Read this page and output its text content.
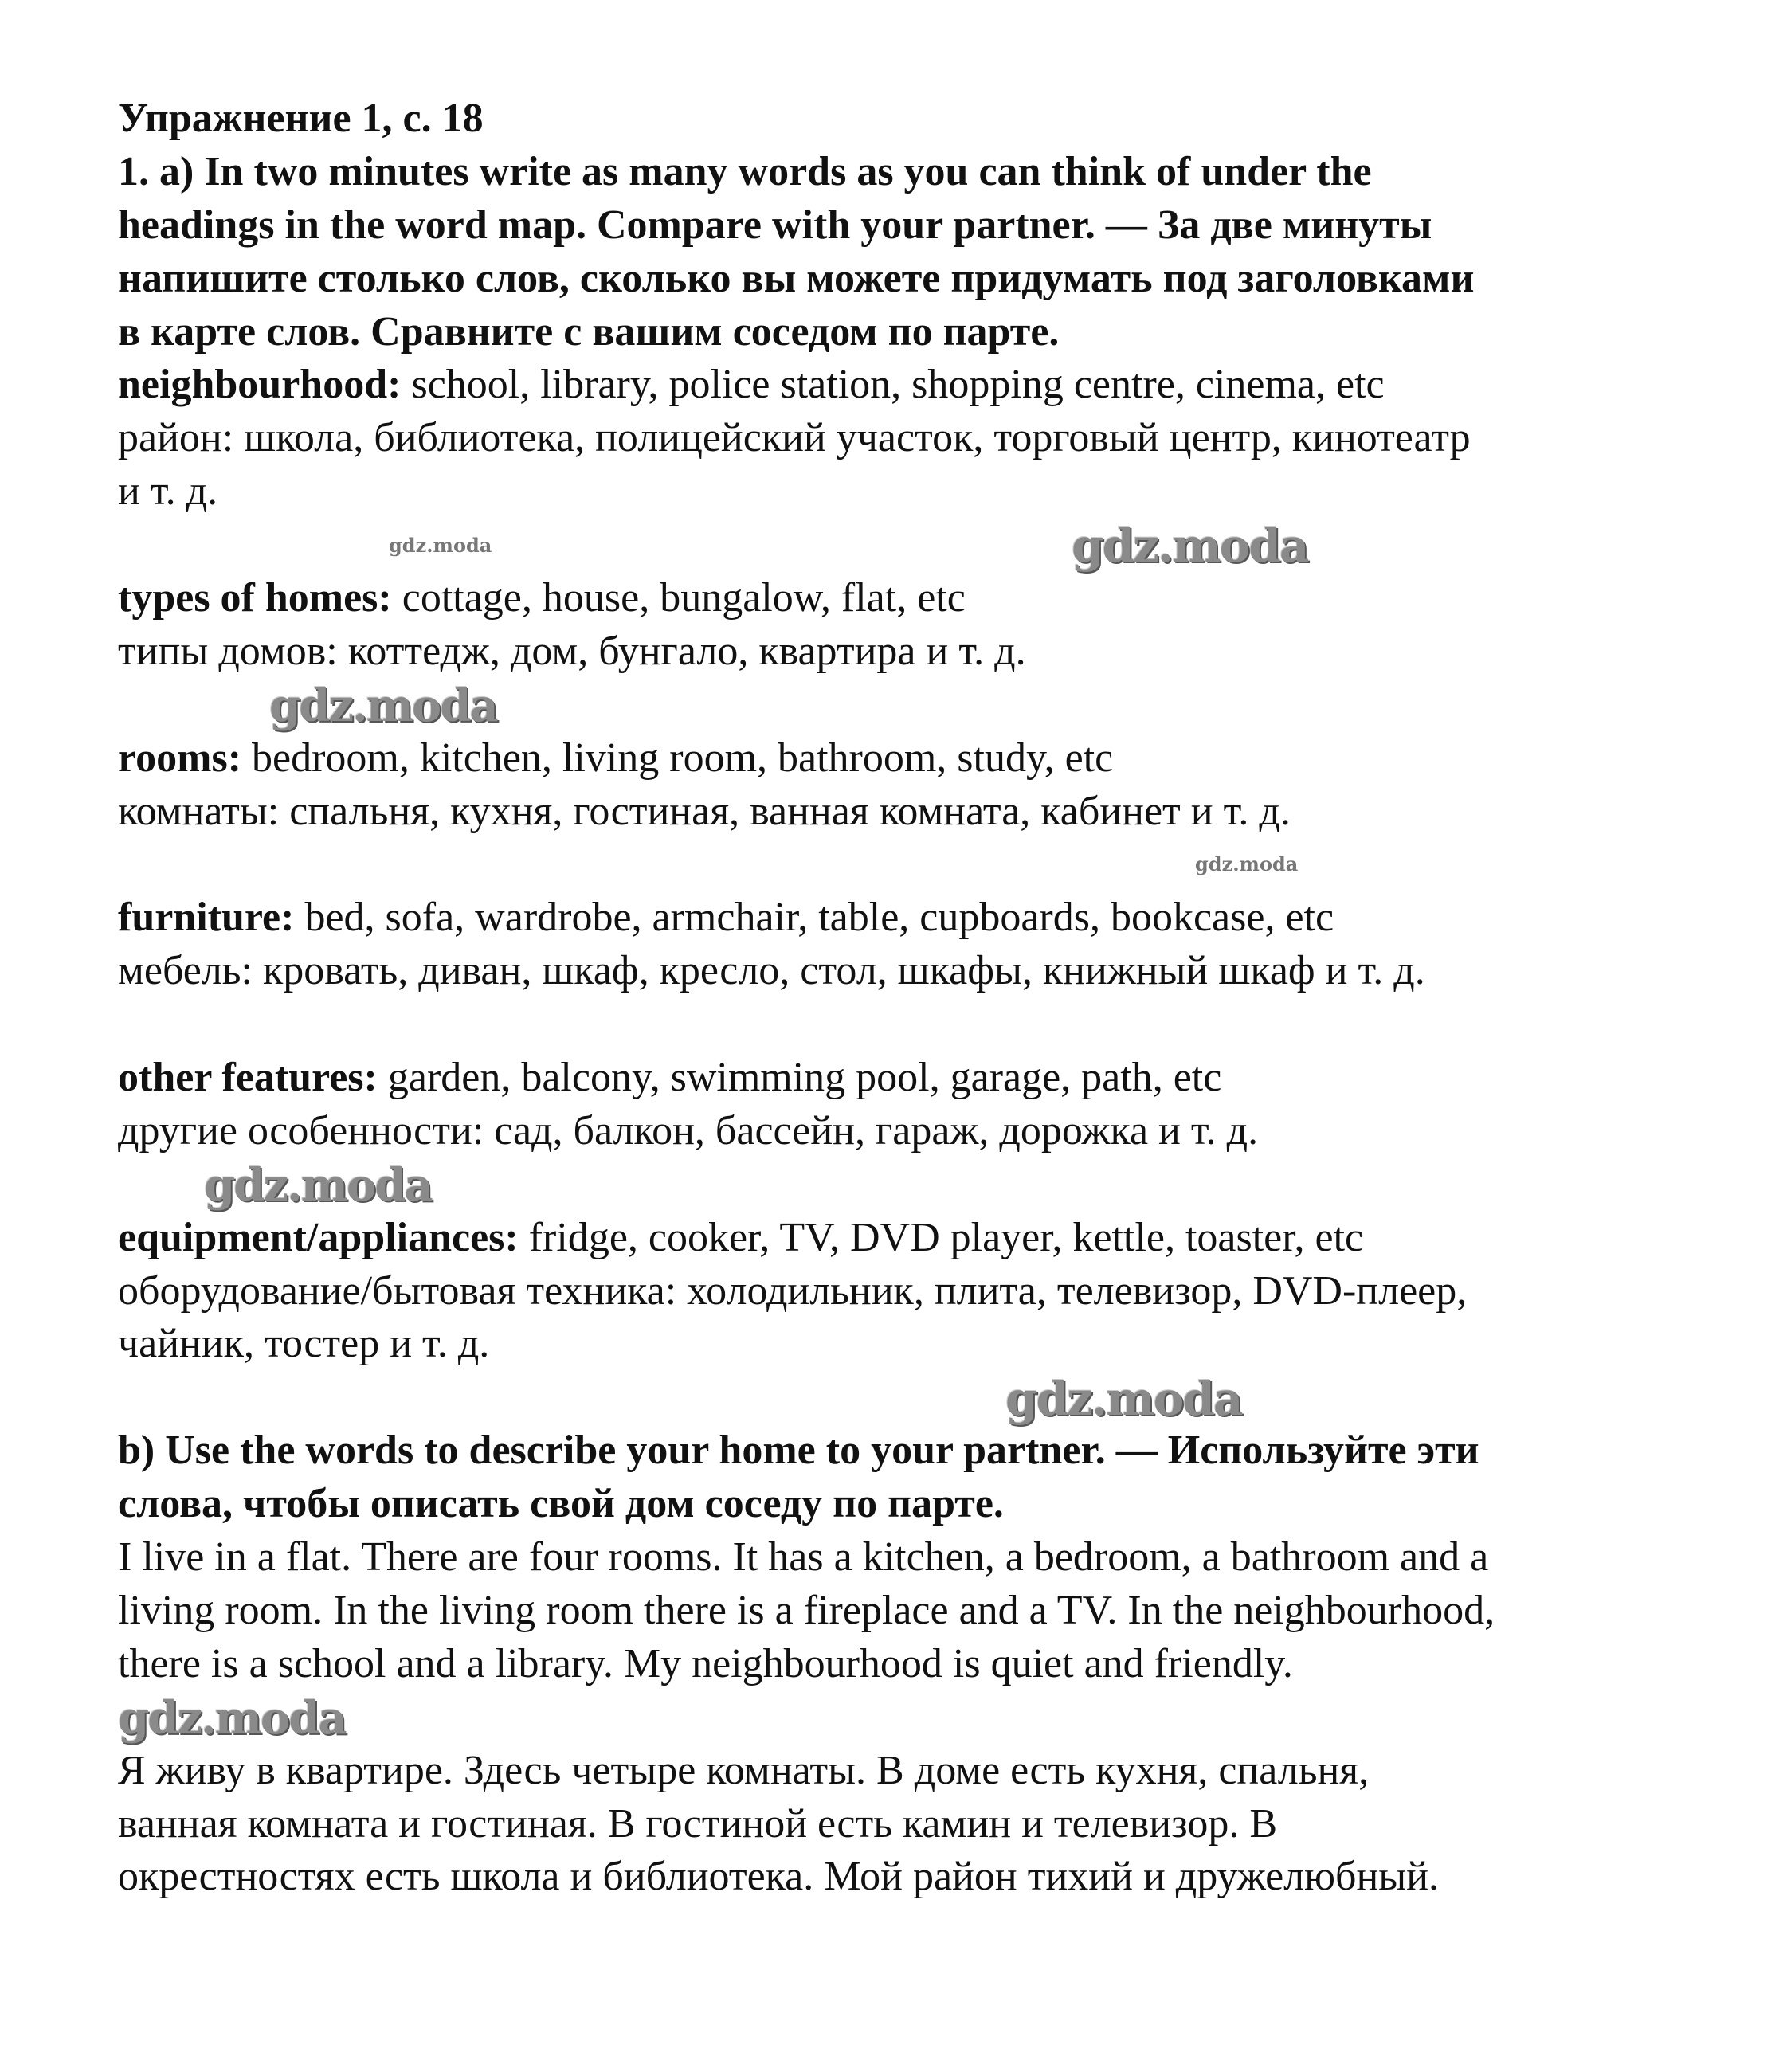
Упражнение 1, с. 18
1. a) In two minutes write as many words as you can think of under the
headings in the word map. Compare with your partner. — За две минуты
напишите столько слов, сколько вы можете придумать под заголовками
в карте слов. Сравните с вашим соседом по парте.
neighbourhood: school, library, police station, shopping centre, cinema, etc
район: школа, библиотека, полицейский участок, торговый центр, кинотеатр
и т. д.
types of homes: cottage, house, bungalow, flat, etc
типы домов: коттедж, дом, бунгало, квартира и т. д.
rooms: bedroom, kitchen, living room, bathroom, study, etc
комнаты: спальня, кухня, гостиная, ванная комната, кабинет и т. д.
furniture: bed, sofa, wardrobe, armchair, table, cupboards, bookcase, etc
мебель: кровать, диван, шкаф, кресло, стол, шкафы, книжный шкаф и т. д.
other features: garden, balcony, swimming pool, garage, path, etc
другие особенности: сад, балкон, бассейн, гараж, дорожка и т. д.
equipment/appliances: fridge, cooker, TV, DVD player, kettle, toaster, etc
оборудование/бытовая техника: холодильник, плита, телевизор, DVD-плеер,
чайник, тостер и т. д.
b) Use the words to describe your home to your partner. — Используйте эти
слова, чтобы описать свой дом соседу по парте.
I live in a flat. There are four rooms. It has a kitchen, a bedroom, a bathroom and a
living room. In the living room there is a fireplace and a TV. In the neighbourhood,
there is a school and a library. My neighbourhood is quiet and friendly.
Я живу в квартире. Здесь четыре комнаты. В доме есть кухня, спальня,
ванная комната и гостиная. В гостиной есть камин и телевизор. В
окрестностях есть школа и библиотека. Мой район тихий и дружелюбный.
gdz.moda
gdz.moda
gdz.moda
gdz.moda
gdz.moda
gdz.moda
gdz.moda
